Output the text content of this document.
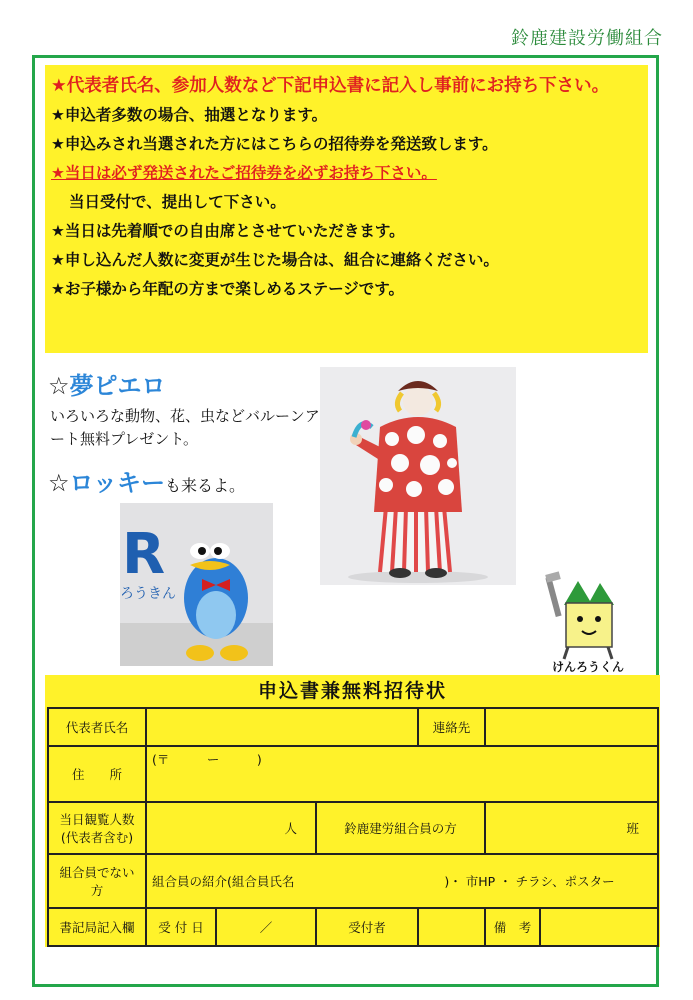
鈴鹿建設労働組合
★代表者氏名、参加人数など下記申込書に記入し事前にお持ち下さい。
★申込者多数の場合、抽選となります。
★申込みされ当選された方にはこちらの招待券を発送致します。
★当日は必ず発送されたご招待券を必ずお持ち下さい。
当日受付で、提出して下さい。
★当日は先着順での自由席とさせていただきます。
★申し込んだ人数に変更が生じた場合は、組合に連絡ください。
★お子様から年配の方まで楽しめるステージです。
☆夢ピエロ
いろいろな動物、花、虫などバルーンアート無料プレゼント。
☆ロッキーも来るよ。
R
ろうきん
けんろうくん
申込書兼無料招待状
代表者氏名				連絡先		
住　　所	(〒　　　ー　　　)					

当日観覧人数
(代表者含む)	人		鈴鹿建労組合員の方		班	
組合員でない方	組合員の紹介(組合員氏名　　　　　　　　　　　　)・ 市HP ・ チラシ、ポスター					
書記局記入欄	受 付 日	／	受付者		備　考	
